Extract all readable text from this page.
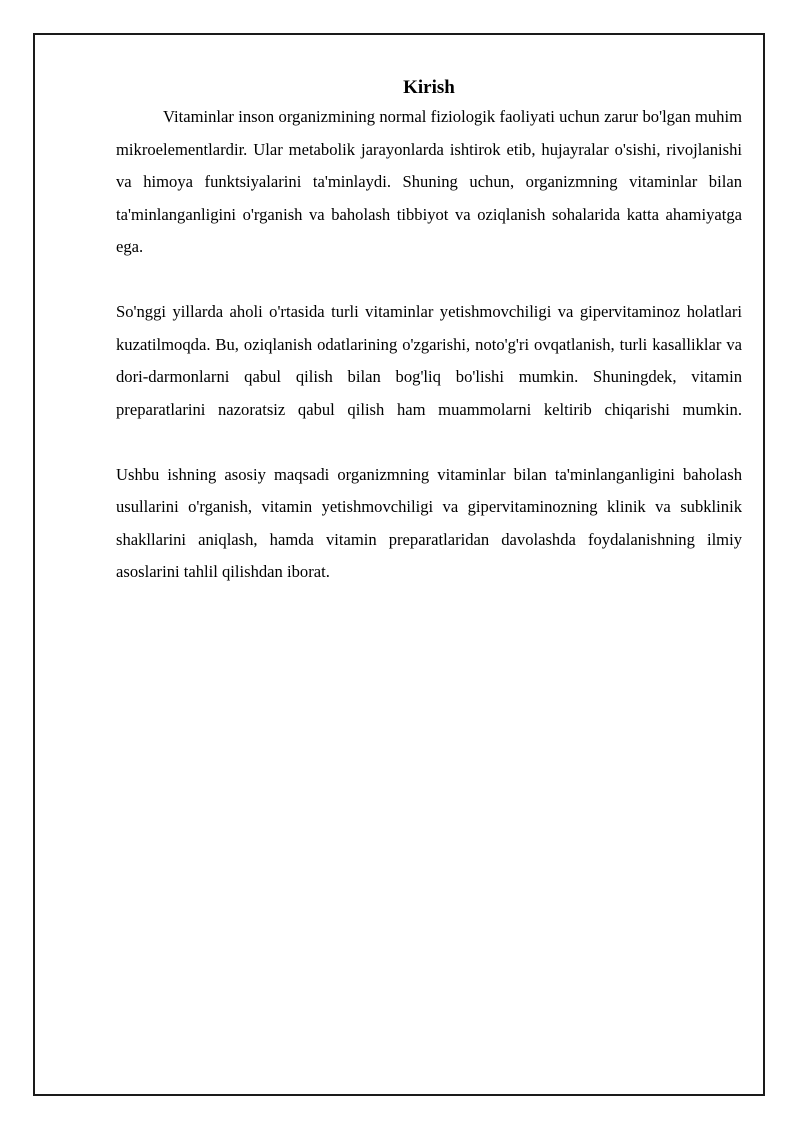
Kirish

Vitaminlar inson organizmining normal fiziologik faoliyati uchun zarur bo'lgan muhim mikroelementlardir. Ular metabolik jarayonlarda ishtirok etib, hujayralar o'sishi, rivojlanishi va himoya funktsiyalarini ta'minlaydi. Shuning uchun, organizmning vitaminlar bilan ta'minlanganligini o'rganish va baholash tibbiyot va oziqlanish sohalarida katta ahamiyatga ega.

So'nggi yillarda aholi o'rtasida turli vitaminlar yetishmovchiligi va gipervitaminoz holatlari kuzatilmoqda. Bu, oziqlanish odatlarining o'zgarishi, noto'g'ri ovqatlanish, turli kasalliklar va dori-darmonlarni qabul qilish bilan bog'liq bo'lishi mumkin. Shuningdek, vitamin preparatlarini nazoratsiz qabul qilish ham muammolarni keltirib chiqarishi mumkin.

Ushbu ishning asosiy maqsadi organizmning vitaminlar bilan ta'minlanganligini baholash usullarini o'rganish, vitamin yetishmovchiligi va gipervitaminozning klinik va subklinik shakllarini aniqlash, hamda vitamin preparatlaridan davolashda foydalanishning ilmiy asoslarini tahlil qilishdan iborat.
